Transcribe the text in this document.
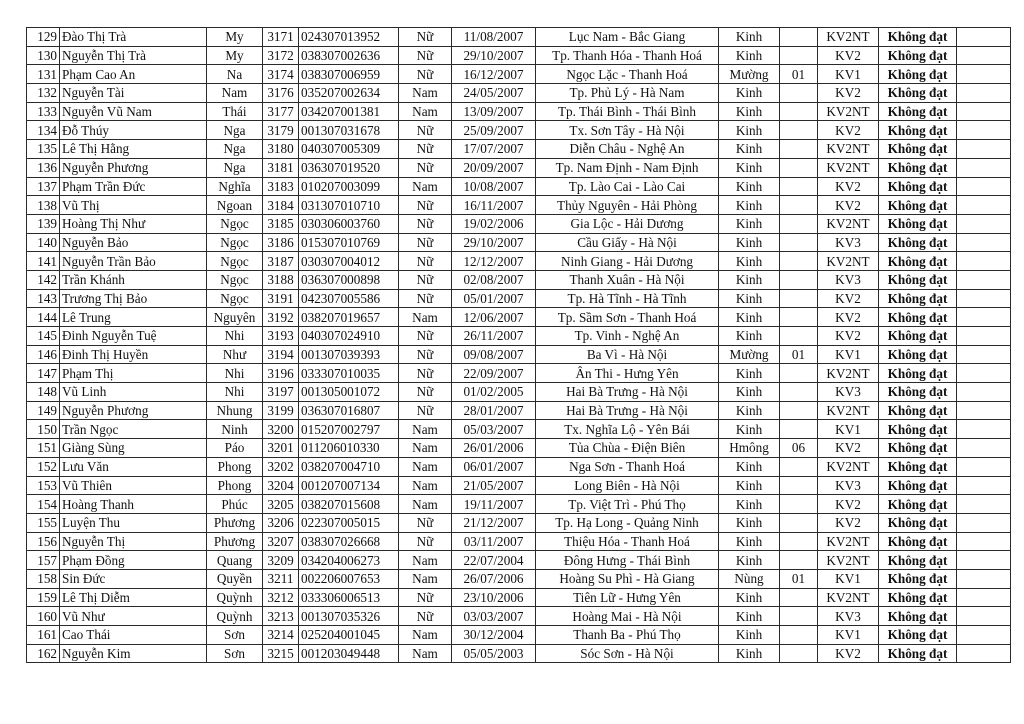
129	Đào Thị Trà	My	3171	024307013952	Nữ	11/08/2007	Lục Nam - Bắc Giang	Kinh		KV2NT	Không đạt	
130	Nguyễn Thị Trà	My	3172	038307002636	Nữ	29/10/2007	Tp. Thanh Hóa - Thanh Hoá	Kinh		KV2	Không đạt	
131	Phạm Cao An	Na	3174	038307006959	Nữ	16/12/2007	Ngọc Lặc - Thanh Hoá	Mường	01	KV1	Không đạt	
132	Nguyễn Tài	Nam	3176	035207002634	Nam	24/05/2007	Tp. Phủ Lý - Hà Nam	Kinh		KV2	Không đạt	
133	Nguyễn Vũ Nam	Thái	3177	034207001381	Nam	13/09/2007	Tp. Thái Bình - Thái Bình	Kinh		KV2NT	Không đạt	
134	Đỗ Thúy	Nga	3179	001307031678	Nữ	25/09/2007	Tx. Sơn Tây - Hà Nội	Kinh		KV2	Không đạt	
135	Lê Thị Hằng	Nga	3180	040307005309	Nữ	17/07/2007	Diễn Châu - Nghệ An	Kinh		KV2NT	Không đạt	
136	Nguyễn Phương	Nga	3181	036307019520	Nữ	20/09/2007	Tp. Nam Định - Nam Định	Kinh		KV2NT	Không đạt	
137	Phạm Trần Đức	Nghĩa	3183	010207003099	Nam	10/08/2007	Tp. Lào Cai - Lào Cai	Kinh		KV2	Không đạt	
138	Vũ Thị	Ngoan	3184	031307010710	Nữ	16/11/2007	Thủy Nguyên - Hải Phòng	Kinh		KV2	Không đạt	
139	Hoàng Thị Như	Ngọc	3185	030306003760	Nữ	19/02/2006	Gia Lộc - Hải Dương	Kinh		KV2NT	Không đạt	
140	Nguyễn Bảo	Ngọc	3186	015307010769	Nữ	29/10/2007	Cầu Giấy - Hà Nội	Kinh		KV3	Không đạt	
141	Nguyễn Trần Bảo	Ngọc	3187	030307004012	Nữ	12/12/2007	Ninh Giang - Hải Dương	Kinh		KV2NT	Không đạt	
142	Trần Khánh	Ngọc	3188	036307000898	Nữ	02/08/2007	Thanh Xuân - Hà Nội	Kinh		KV3	Không đạt	
143	Trương Thị Bảo	Ngọc	3191	042307005586	Nữ	05/01/2007	Tp. Hà Tĩnh - Hà Tĩnh	Kinh		KV2	Không đạt	
144	Lê Trung	Nguyên	3192	038207019657	Nam	12/06/2007	Tp. Sầm Sơn - Thanh Hoá	Kinh		KV2	Không đạt	
145	Đinh Nguyễn Tuệ	Nhi	3193	040307024910	Nữ	26/11/2007	Tp. Vinh - Nghệ An	Kinh		KV2	Không đạt	
146	Đinh Thị Huyền	Như	3194	001307039393	Nữ	09/08/2007	Ba Vì - Hà Nội	Mường	01	KV1	Không đạt	
147	Phạm Thị	Nhi	3196	033307010035	Nữ	22/09/2007	Ân Thi - Hưng Yên	Kinh		KV2NT	Không đạt	
148	Vũ Linh	Nhi	3197	001305001072	Nữ	01/02/2005	Hai Bà Trưng - Hà Nội	Kinh		KV3	Không đạt	
149	Nguyễn Phương	Nhung	3199	036307016807	Nữ	28/01/2007	Hai Bà Trưng - Hà Nội	Kinh		KV2NT	Không đạt	
150	Trần Ngọc	Ninh	3200	015207002797	Nam	05/03/2007	Tx. Nghĩa Lộ - Yên Bái	Kinh		KV1	Không đạt	
151	Giàng Sùng	Páo	3201	011206010330	Nam	26/01/2006	Tủa Chùa - Điện Biên	Hmông	06	KV2	Không đạt	
152	Lưu Văn	Phong	3202	038207004710	Nam	06/01/2007	Nga Sơn - Thanh Hoá	Kinh		KV2NT	Không đạt	
153	Vũ Thiên	Phong	3204	001207007134	Nam	21/05/2007	Long Biên - Hà Nội	Kinh		KV3	Không đạt	
154	Hoàng Thanh	Phúc	3205	038207015608	Nam	19/11/2007	Tp. Việt Trì - Phú Thọ	Kinh		KV2	Không đạt	
155	Luyện Thu	Phương	3206	022307005015	Nữ	21/12/2007	Tp. Hạ Long - Quảng Ninh	Kinh		KV2	Không đạt	
156	Nguyễn Thị	Phương	3207	038307026668	Nữ	03/11/2007	Thiệu Hóa - Thanh Hoá	Kinh		KV2NT	Không đạt	
157	Phạm Đồng	Quang	3209	034204006273	Nam	22/07/2004	Đông Hưng - Thái Bình	Kinh		KV2NT	Không đạt	
158	Sin Đức	Quyền	3211	002206007653	Nam	26/07/2006	Hoàng Su Phì - Hà Giang	Nùng	01	KV1	Không đạt	
159	Lê Thị Diễm	Quỳnh	3212	033306006513	Nữ	23/10/2006	Tiên Lữ - Hưng Yên	Kinh		KV2NT	Không đạt	
160	Vũ Như	Quỳnh	3213	001307035326	Nữ	03/03/2007	Hoàng Mai - Hà Nội	Kinh		KV3	Không đạt	
161	Cao Thái	Sơn	3214	025204001045	Nam	30/12/2004	Thanh Ba - Phú Thọ	Kinh		KV1	Không đạt	
162	Nguyễn Kim	Sơn	3215	001203049448	Nam	05/05/2003	Sóc Sơn - Hà Nội	Kinh		KV2	Không đạt	
